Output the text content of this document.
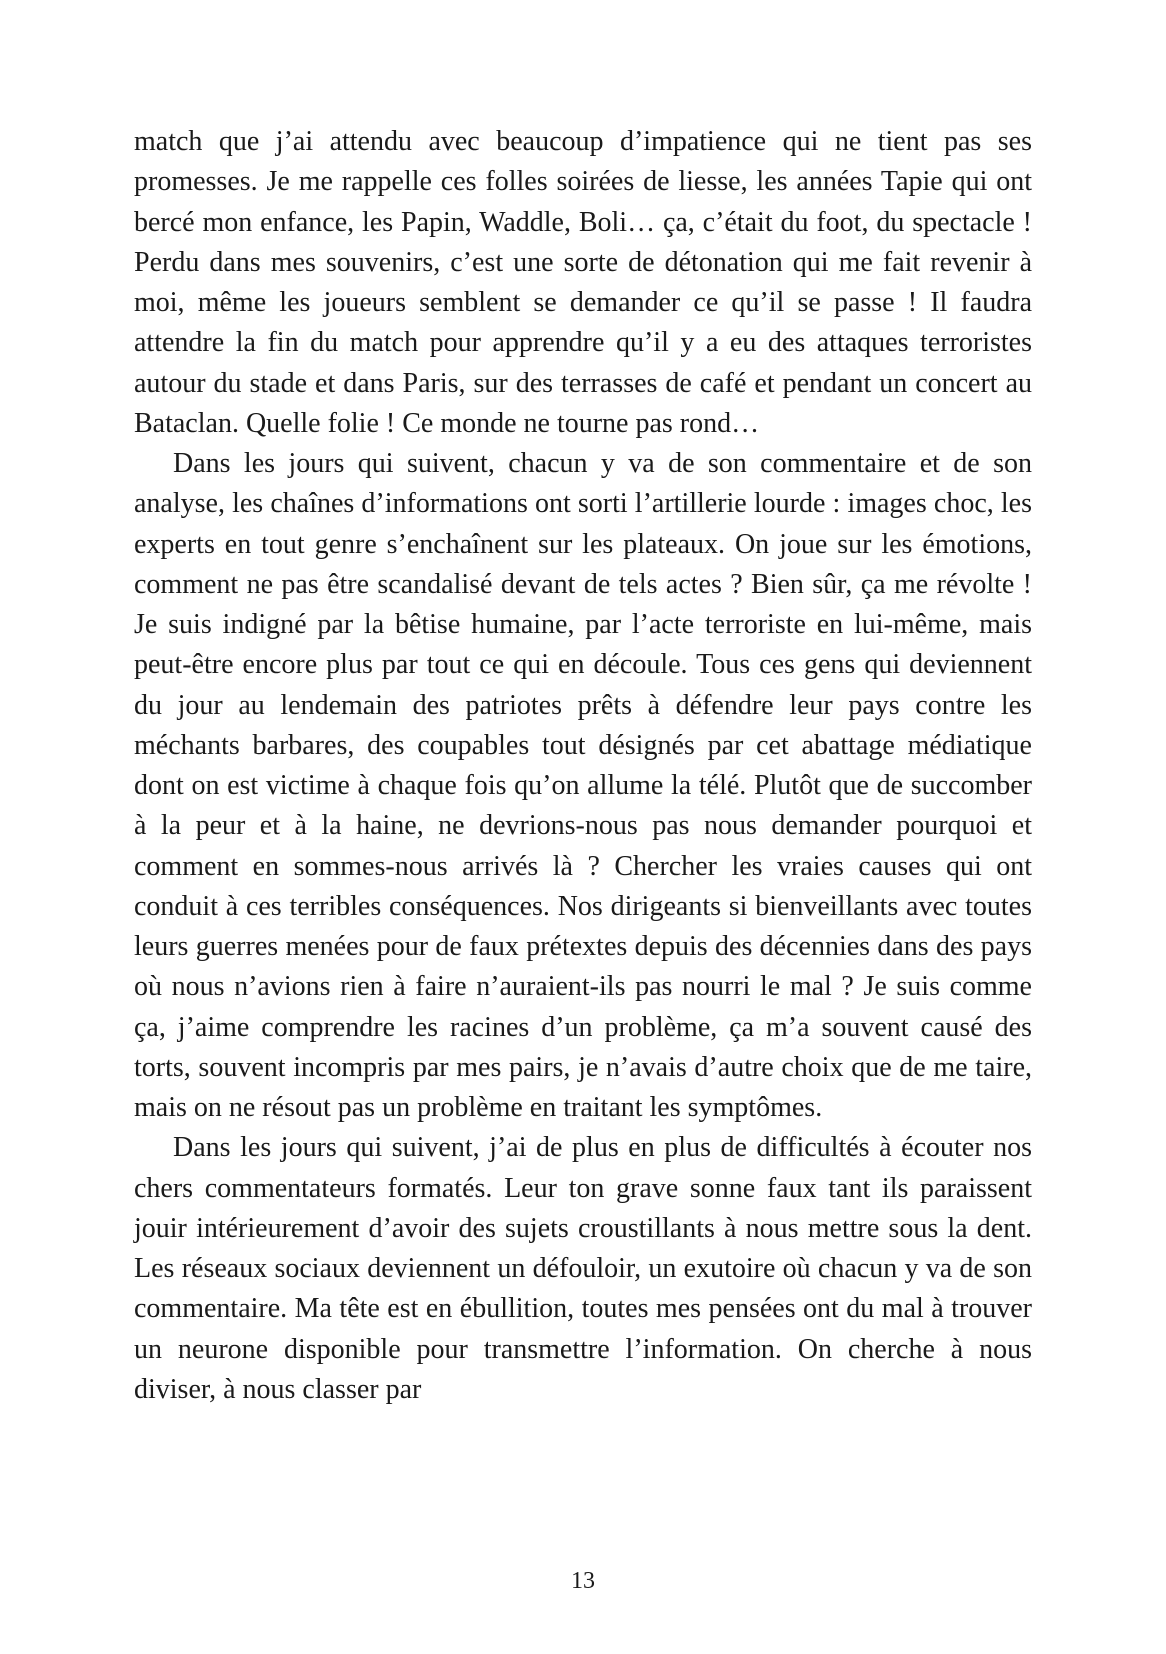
match que j’ai attendu avec beaucoup d’impatience qui ne tient pas ses promesses. Je me rappelle ces folles soirées de liesse, les années Tapie qui ont bercé mon enfance, les Papin, Waddle, Boli… ça, c’était du foot, du spectacle ! Perdu dans mes souvenirs, c’est une sorte de détonation qui me fait revenir à moi, même les joueurs semblent se demander ce qu’il se passe ! Il faudra attendre la fin du match pour apprendre qu’il y a eu des attaques terroristes autour du stade et dans Paris, sur des terrasses de café et pendant un concert au Bataclan. Quelle folie ! Ce monde ne tourne pas rond…

Dans les jours qui suivent, chacun y va de son commentaire et de son analyse, les chaînes d’informations ont sorti l’artillerie lourde : images choc, les experts en tout genre s’enchaînent sur les plateaux. On joue sur les émotions, comment ne pas être scandalisé devant de tels actes ? Bien sûr, ça me révolte ! Je suis indigné par la bêtise humaine, par l’acte terroriste en lui-même, mais peut-être encore plus par tout ce qui en découle. Tous ces gens qui deviennent du jour au lendemain des patriotes prêts à défendre leur pays contre les méchants barbares, des coupables tout désignés par cet abattage médiatique dont on est victime à chaque fois qu’on allume la télé. Plutôt que de succomber à la peur et à la haine, ne devrions-nous pas nous demander pourquoi et comment en sommes-nous arrivés là ? Chercher les vraies causes qui ont conduit à ces terribles conséquences. Nos dirigeants si bienveillants avec toutes leurs guerres menées pour de faux prétextes depuis des décennies dans des pays où nous n’avions rien à faire n’auraient-ils pas nourri le mal ? Je suis comme ça, j’aime comprendre les racines d’un problème, ça m’a souvent causé des torts, souvent incompris par mes pairs, je n’avais d’autre choix que de me taire, mais on ne résout pas un problème en traitant les symptômes.

Dans les jours qui suivent, j’ai de plus en plus de difficultés à écouter nos chers commentateurs formatés. Leur ton grave sonne faux tant ils paraissent jouir intérieurement d’avoir des sujets croustillants à nous mettre sous la dent. Les réseaux sociaux deviennent un défouloir, un exutoire où chacun y va de son commentaire. Ma tête est en ébullition, toutes mes pensées ont du mal à trouver un neurone disponible pour transmettre l’information. On cherche à nous diviser, à nous classer par

13
